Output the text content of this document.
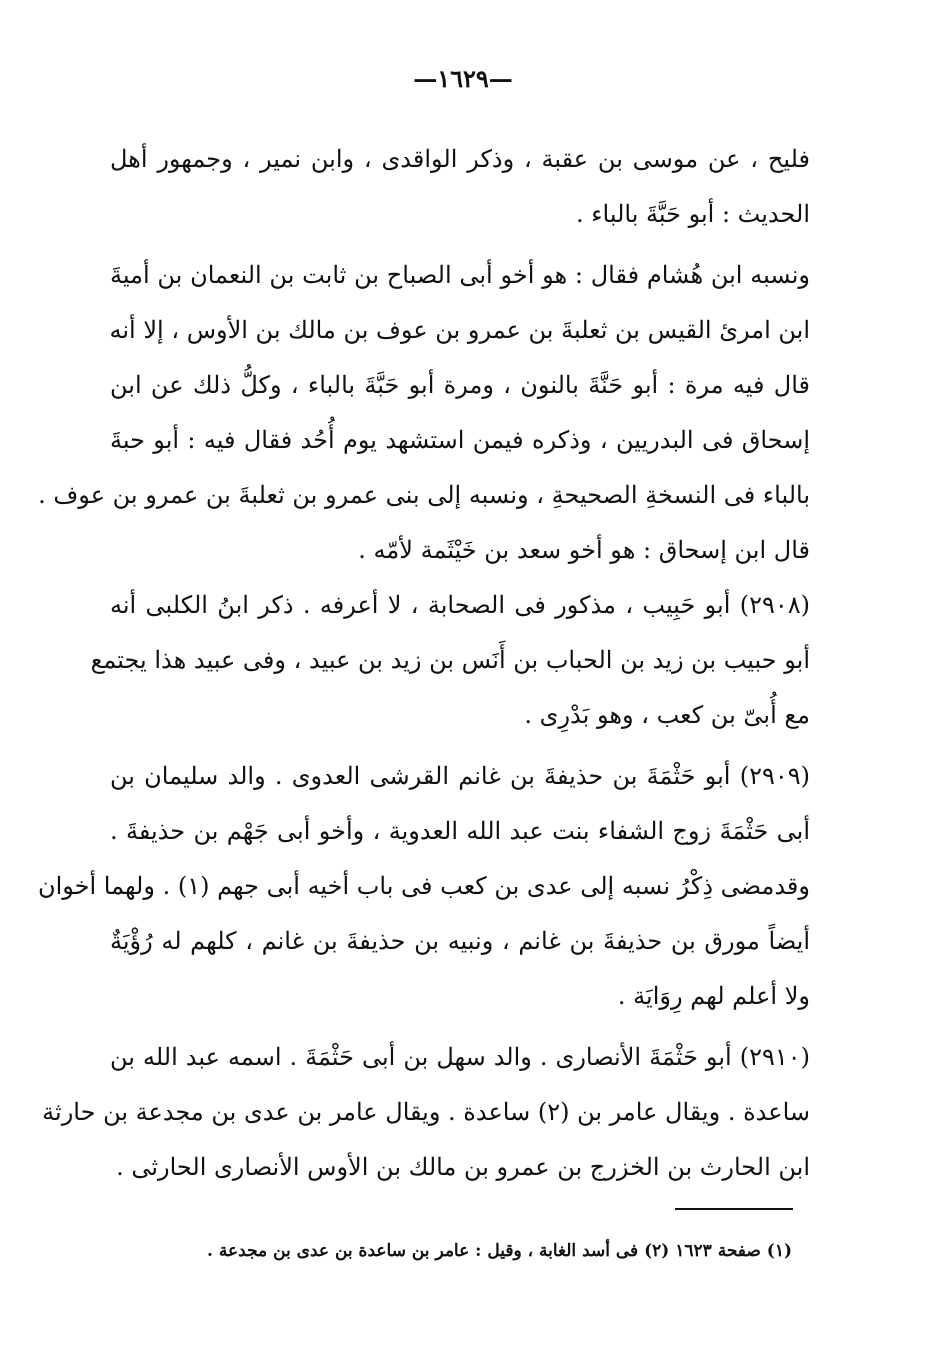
—١٦٢٩—
فليح ، عن موسى بن عقبة ، وذكر الواقدى ، وابن نمير ، وجمهور أهل
الحديث : أبو حَبَّةَ بالباء .
ونسبه ابن هُشام فقال : هو أخو أبى الصباح بن ثابت بن النعمان بن أميةَ
ابن امرئ القيس بن ثعلبةَ بن عمرو بن عوف بن مالك بن الأوس ، إلا أنه
قال فيه مرة : أبو حَنَّةَ بالنون ، ومرة أبو حَبَّةَ بالباء ، وكلُّ ذلك عن ابن
إسحاق فى البدريين ، وذكره فيمن استشهد يوم أُحُد فقال فيه : أبو حبةَ
بالباء فى النسخةِ الصحيحةِ ، ونسبه إلى بنى عمرو بن ثعلبةَ بن عمرو بن عوف .
قال ابن إسحاق : هو أخو سعد بن خَيْثَمة لأمّه .
(٢٩٠٨) أبو حَبِيب ، مذكور فى الصحابة ، لا أعرفه . ذكر ابنُ الكلبى أنه
أبو حبيب بن زيد بن الحباب بن أَنَس بن زيد بن عبيد ، وفى عبيد هذا يجتمع
مع أُبىّ بن كعب ، وهو بَدْرِى .
(٢٩٠٩) أبو حَثْمَةَ بن حذيفةَ بن غانم القرشى العدوى . والد سليمان بن
أبى حَثْمَةَ زوج الشفاء بنت عبد الله العدوية ، وأخو أبى جَهْم بن حذيفةَ .
وقدمضى ذِكْرُ نسبه إلى عدى بن كعب فى باب أخيه أبى جهم (١) . ولهما أخوان
أيضاً مورق بن حذيفةَ بن غانم ، ونبيه بن حذيفةَ بن غانم ، كلهم له رُؤْيَةٌ
ولا أعلم لهم رِوَايَة .
(٢٩١٠) أبو حَثْمَةَ الأنصارى . والد سهل بن أبى حَثْمَةَ . اسمه عبد الله بن
ساعدة . ويقال عامر بن (٢) ساعدة . ويقال عامر بن عدى بن مجدعة بن حارثة
ابن الحارث بن الخزرج بن عمرو بن مالك بن الأوس الأنصارى الحارثى .
(١) صفحة ١٦٢٣ (٢) فى أسد الغابة ، وقيل : عامر بن ساعدة بن عدى بن مجدعة .
